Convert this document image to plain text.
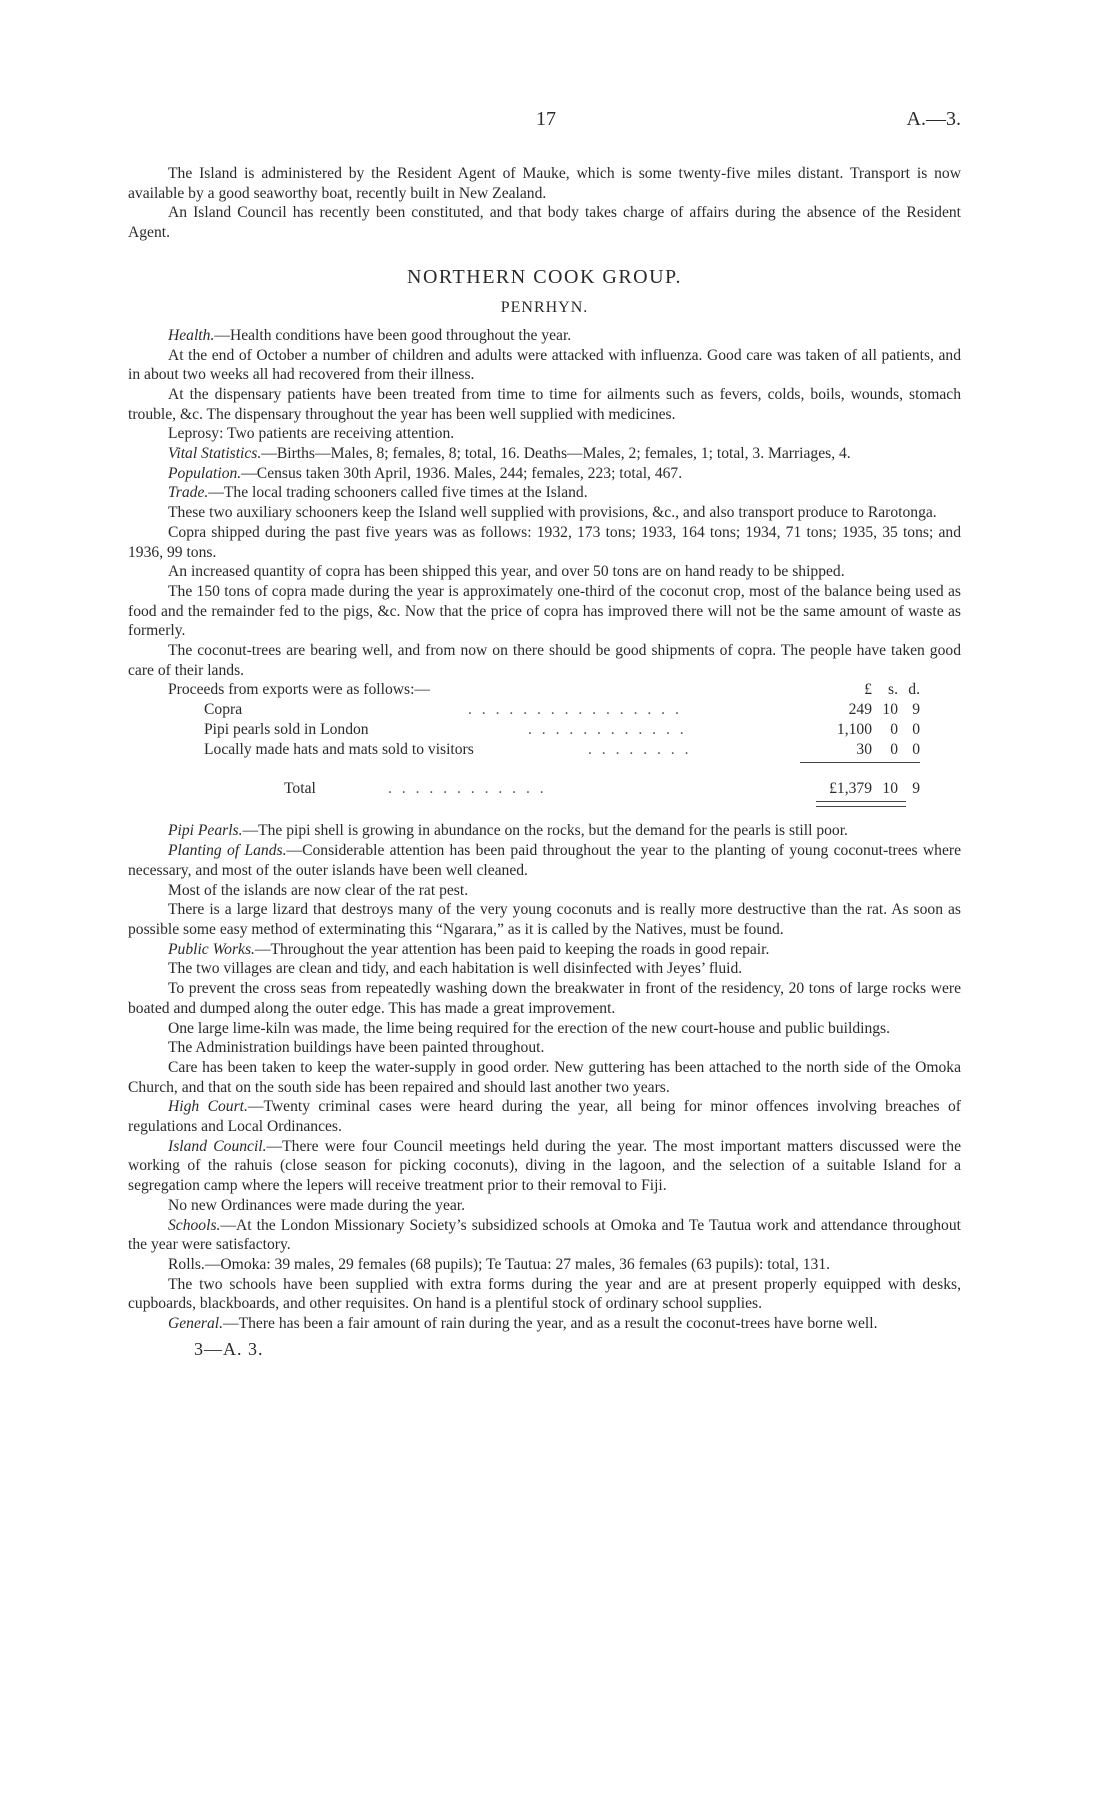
17	A.—3.

The Island is administered by the Resident Agent of Mauke, which is some twenty-five miles distant. Transport is now available by a good seaworthy boat, recently built in New Zealand.

An Island Council has recently been constituted, and that body takes charge of affairs during the absence of the Resident Agent.

NORTHERN COOK GROUP.
PENRHYN.

Health.—Health conditions have been good throughout the year.

At the end of October a number of children and adults were attacked with influenza. Good care was taken of all patients, and in about two weeks all had recovered from their illness.

At the dispensary patients have been treated from time to time for ailments such as fevers, colds, boils, wounds, stomach trouble, &c. The dispensary throughout the year has been well supplied with medicines.

Leprosy: Two patients are receiving attention.

Vital Statistics.—Births—Males, 8; females, 8; total, 16. Deaths—Males, 2; females, 1; total, 3. Marriages, 4.

Population.—Census taken 30th April, 1936. Males, 244; females, 223; total, 467.

Trade.—The local trading schooners called five times at the Island.

These two auxiliary schooners keep the Island well supplied with provisions, &c., and also transport produce to Rarotonga.

Copra shipped during the past five years was as follows: 1932, 173 tons; 1933, 164 tons; 1934, 71 tons; 1935, 35 tons; and 1936, 99 tons.

An increased quantity of copra has been shipped this year, and over 50 tons are on hand ready to be shipped.

The 150 tons of copra made during the year is approximately one-third of the coconut crop, most of the balance being used as food and the remainder fed to the pigs, &c. Now that the price of copra has improved there will not be the same amount of waste as formerly.

The coconut-trees are bearing well, and from now on there should be good shipments of copra. The people have taken good care of their lands.

Proceeds from exports were as follows:—	£ s. d.
Copra	. . . . . . . . . . . . . . . .	249 10 9
Pipi pearls sold in London	. . . . . . . . . . . .	1,100 0 0
Locally made hats and mats sold to visitors	. . . . . . . .	30 0 0
Total	. . . . . . . . . . . .	£1,379 10 9

Pipi Pearls.—The pipi shell is growing in abundance on the rocks, but the demand for the pearls is still poor.

Planting of Lands.—Considerable attention has been paid throughout the year to the planting of young coconut-trees where necessary, and most of the outer islands have been well cleaned.

Most of the islands are now clear of the rat pest.

There is a large lizard that destroys many of the very young coconuts and is really more destructive than the rat. As soon as possible some easy method of exterminating this “Ngarara,” as it is called by the Natives, must be found.

Public Works.—Throughout the year attention has been paid to keeping the roads in good repair.

The two villages are clean and tidy, and each habitation is well disinfected with Jeyes’ fluid.

To prevent the cross seas from repeatedly washing down the breakwater in front of the residency, 20 tons of large rocks were boated and dumped along the outer edge. This has made a great improvement.

One large lime-kiln was made, the lime being required for the erection of the new court-house and public buildings.

The Administration buildings have been painted throughout.

Care has been taken to keep the water-supply in good order. New guttering has been attached to the north side of the Omoka Church, and that on the south side has been repaired and should last another two years.

High Court.—Twenty criminal cases were heard during the year, all being for minor offences involving breaches of regulations and Local Ordinances.

Island Council.—There were four Council meetings held during the year. The most important matters discussed were the working of the rahuis (close season for picking coconuts), diving in the lagoon, and the selection of a suitable Island for a segregation camp where the lepers will receive treatment prior to their removal to Fiji.

No new Ordinances were made during the year.

Schools.—At the London Missionary Society’s subsidized schools at Omoka and Te Tautua work and attendance throughout the year were satisfactory.

Rolls.—Omoka: 39 males, 29 females (68 pupils); Te Tautua: 27 males, 36 females (63 pupils): total, 131.

The two schools have been supplied with extra forms during the year and are at present properly equipped with desks, cupboards, blackboards, and other requisites. On hand is a plentiful stock of ordinary school supplies.

General.—There has been a fair amount of rain during the year, and as a result the coconut-trees have borne well.

3—A. 3.
